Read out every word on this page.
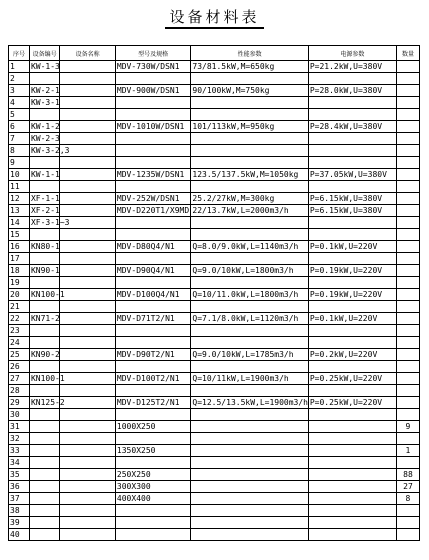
设备材料表
序号	设备编号	设备名称	型号及规格	性能参数	电源参数	数量
1	KW-1-3		MDV-730W/DSN1	73/81.5kW,M=650kg	P=21.2kW,U=380V	
2						
3	KW-2-1		MDV-900W/DSN1	90/100kW,M=750kg	P=28.0kW,U=380V	
4	KW-3-1					
5						
6	KW-1-2		MDV-1010W/DSN1	101/113kW,M=950kg	P=28.4kW,U=380V	
7	KW-2-3					
8	KW-3-2,3					
9						
10	KW-1-1		MDV-1235W/DSN1	123.5/137.5kW,M=1050kg	P=37.05kW,U=380V	
11						
12	XF-1-1		MDV-252W/DSN1	25.2/27kW,M=300kg	P=6.15kW,U=380V	
13	XF-2-1		MDV-D220T1/X9MD	22/13.7kW,L=2000m3/h	P=6.15kW,U=380V	
14	XF-3-1~3					
15						
16	KN80-1		MDV-D80Q4/N1	Q=8.0/9.0kW,L=1140m3/h	P=0.1kW,U=220V	
17						
18	KN90-1		MDV-D90Q4/N1	Q=9.0/10kW,L=1800m3/h	P=0.19kW,U=220V	
19						
20	KN100-1		MDV-D100Q4/N1	Q=10/11.0kW,L=1800m3/h	P=0.19kW,U=220V	
21						
22	KN71-2		MDV-D71T2/N1	Q=7.1/8.0kW,L=1120m3/h	P=0.1kW,U=220V	
23						
24						
25	KN90-2		MDV-D90T2/N1	Q=9.0/10kW,L=1785m3/h	P=0.2kW,U=220V	
26						
27	KN100-1		MDV-D100T2/N1	Q=10/11kW,L=1900m3/h	P=0.25kW,U=220V	
28						
29	KN125-2		MDV-D125T2/N1	Q=12.5/13.5kW,L=1900m3/h	P=0.25kW,U=220V	
30						
31			1000X250			9
32						
33			1350X250			1
34						
35			250X250			88
36			300X300			27
37			400X400			8
38						
39						
40						
